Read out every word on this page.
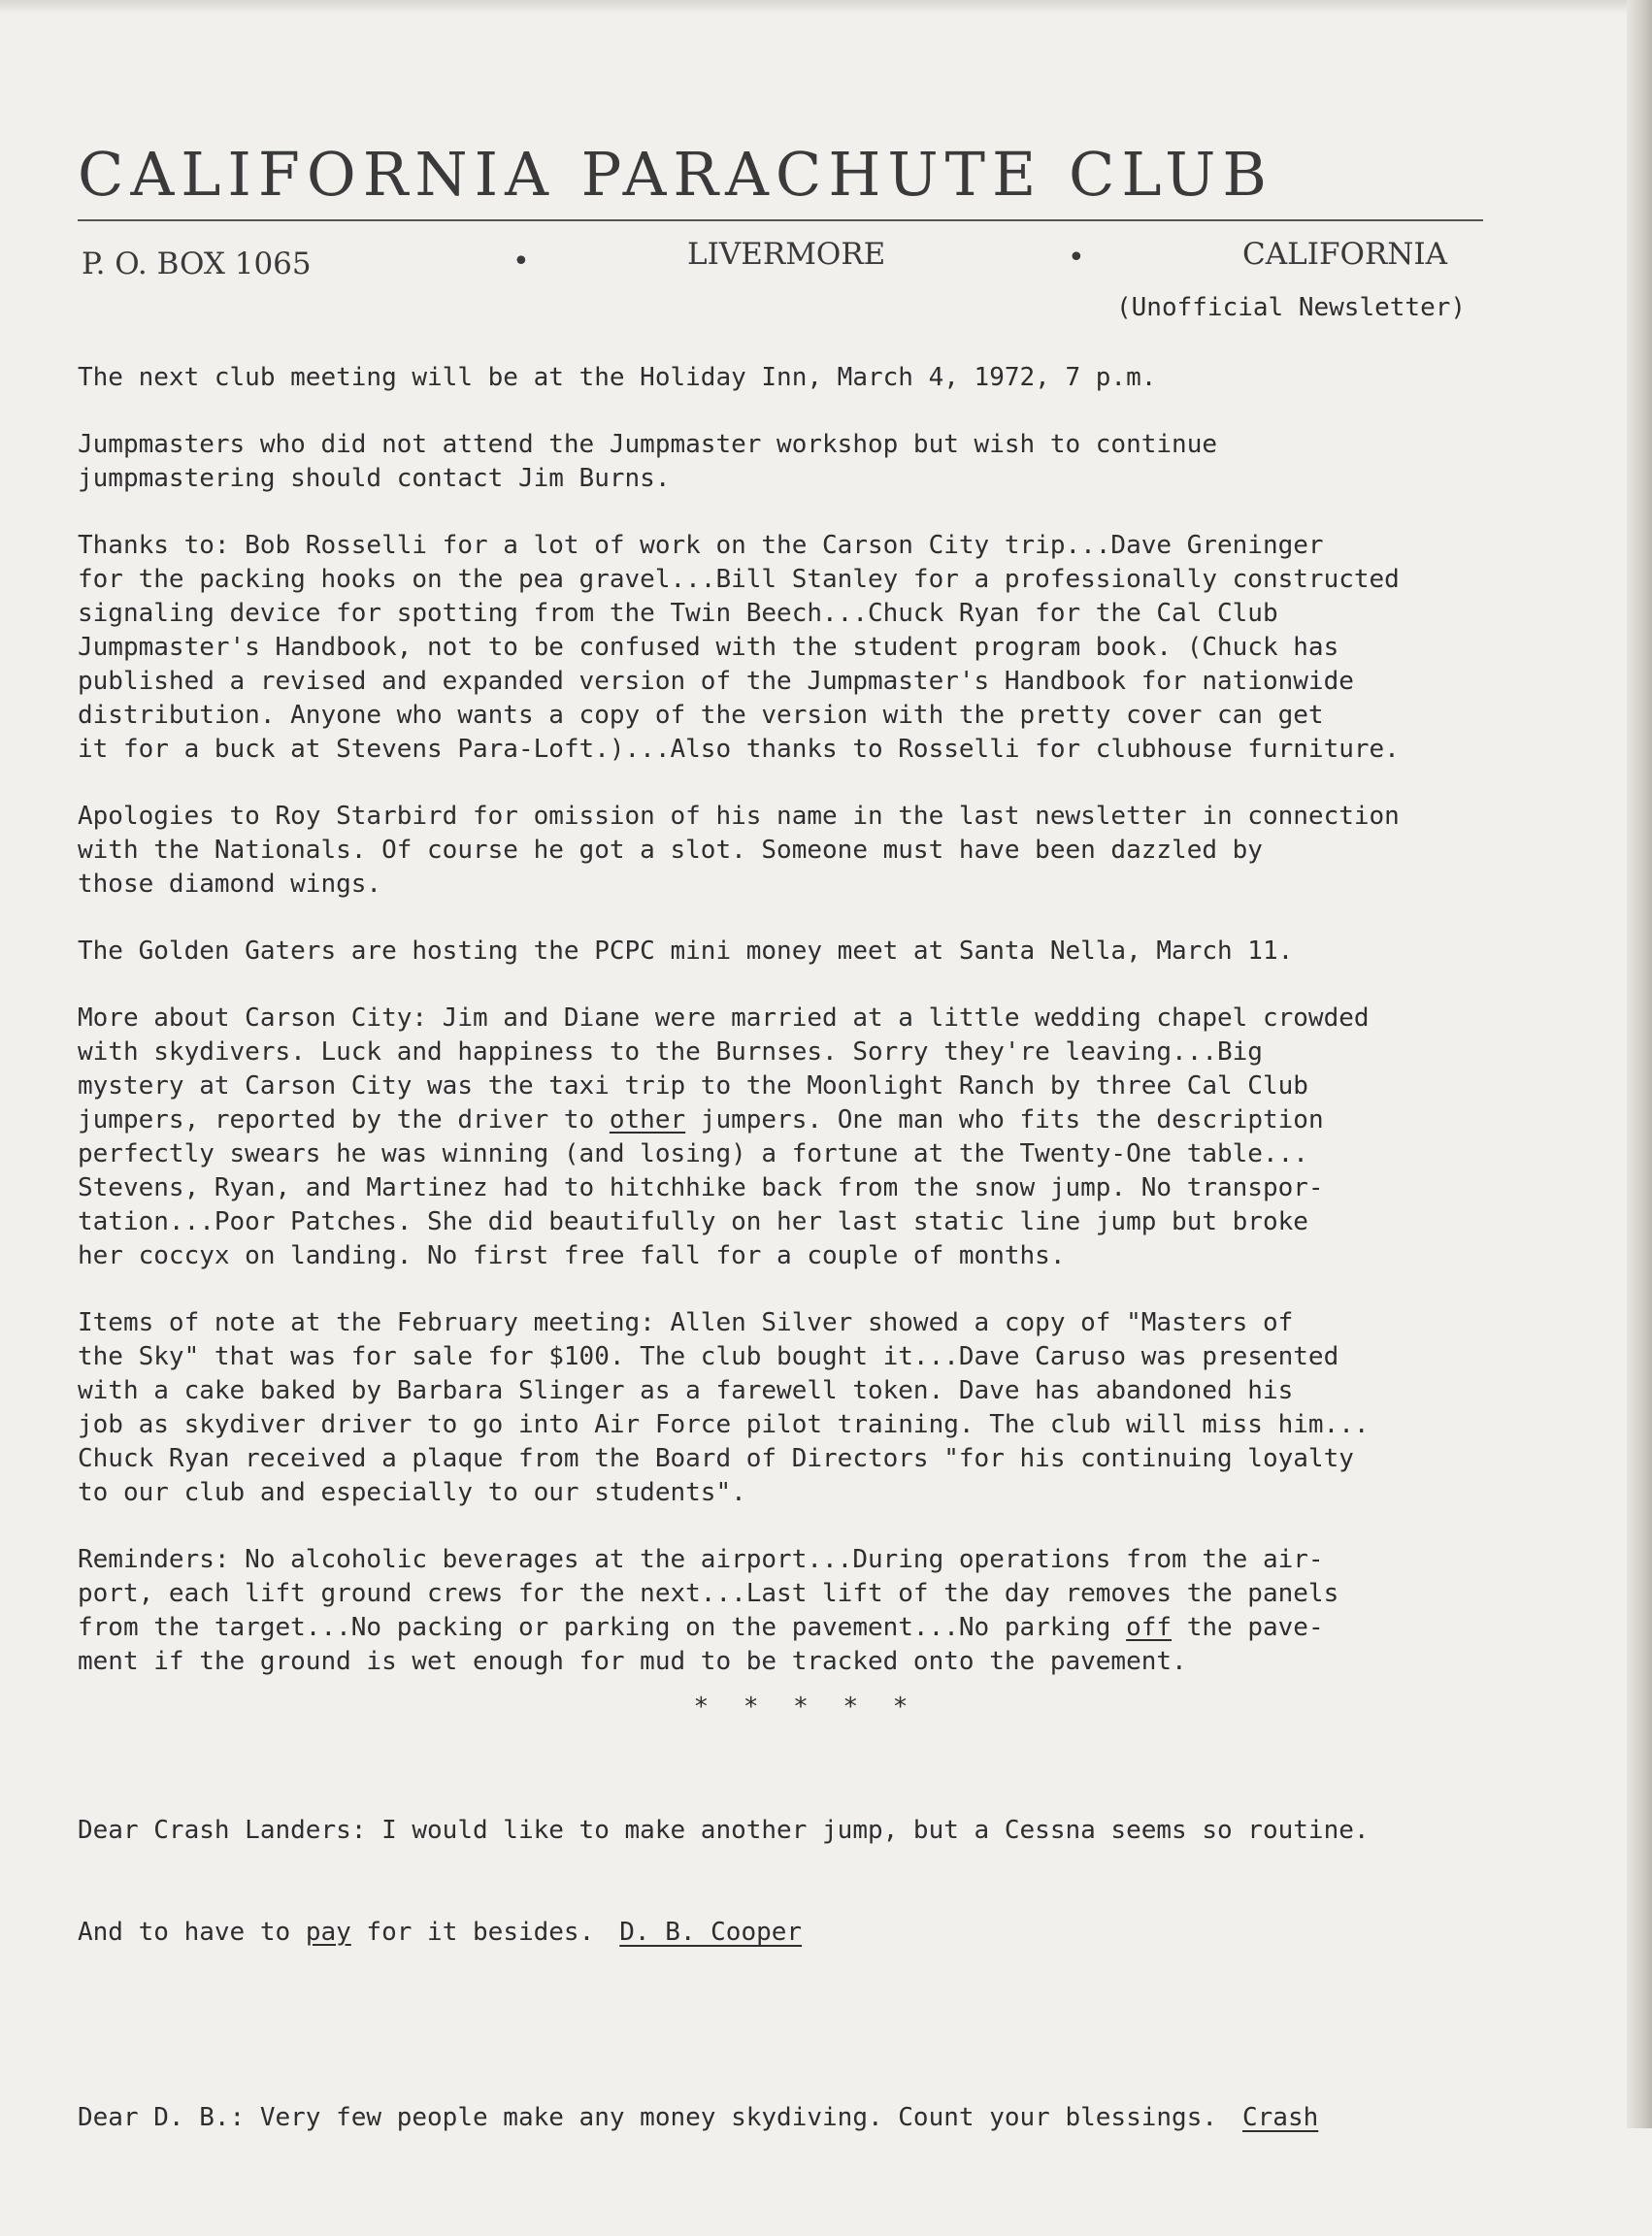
CALIFORNIA PARACHUTE CLUB
P. O. BOX 1065	•	LIVERMORE	•	CALIFORNIA
(Unofficial Newsletter)

The next club meeting will be at the Holiday Inn, March 4, 1972, 7 p.m.

Jumpmasters who did not attend the Jumpmaster workshop but wish to continue
jumpmastering should contact Jim Burns.

Thanks to: Bob Rosselli for a lot of work on the Carson City trip...Dave Greninger
for the packing hooks on the pea gravel...Bill Stanley for a professionally constructed
signaling device for spotting from the Twin Beech...Chuck Ryan for the Cal Club
Jumpmaster's Handbook, not to be confused with the student program book. (Chuck has
published a revised and expanded version of the Jumpmaster's Handbook for nationwide
distribution. Anyone who wants a copy of the version with the pretty cover can get
it for a buck at Stevens Para-Loft.)...Also thanks to Rosselli for clubhouse furniture.

Apologies to Roy Starbird for omission of his name in the last newsletter in connection
with the Nationals. Of course he got a slot. Someone must have been dazzled by
those diamond wings.

The Golden Gaters are hosting the PCPC mini money meet at Santa Nella, March 11.

More about Carson City: Jim and Diane were married at a little wedding chapel crowded
with skydivers. Luck and happiness to the Burnses. Sorry they're leaving...Big
mystery at Carson City was the taxi trip to the Moonlight Ranch by three Cal Club
jumpers, reported by the driver to other jumpers. One man who fits the description
perfectly swears he was winning (and losing) a fortune at the Twenty-One table...
Stevens, Ryan, and Martinez had to hitchhike back from the snow jump. No transpor-
tation...Poor Patches. She did beautifully on her last static line jump but broke
her coccyx on landing. No first free fall for a couple of months.

Items of note at the February meeting: Allen Silver showed a copy of "Masters of
the Sky" that was for sale for $100. The club bought it...Dave Caruso was presented
with a cake baked by Barbara Slinger as a farewell token. Dave has abandoned his
job as skydiver driver to go into Air Force pilot training. The club will miss him...
Chuck Ryan received a plaque from the Board of Directors "for his continuing loyalty
to our club and especially to our students".

Reminders: No alcoholic beverages at the airport...During operations from the air-
port, each lift ground crews for the next...Last lift of the day removes the panels
from the target...No packing or parking on the pavement...No parking off the pave-
ment if the ground is wet enough for mud to be tracked onto the pavement.

* * * * *

Dear Crash Landers: I would like to make another jump, but a Cessna seems so routine.

And to have to pay for it besides. D. B. Cooper

Dear D. B.: Very few people make any money skydiving. Count your blessings. Crash
